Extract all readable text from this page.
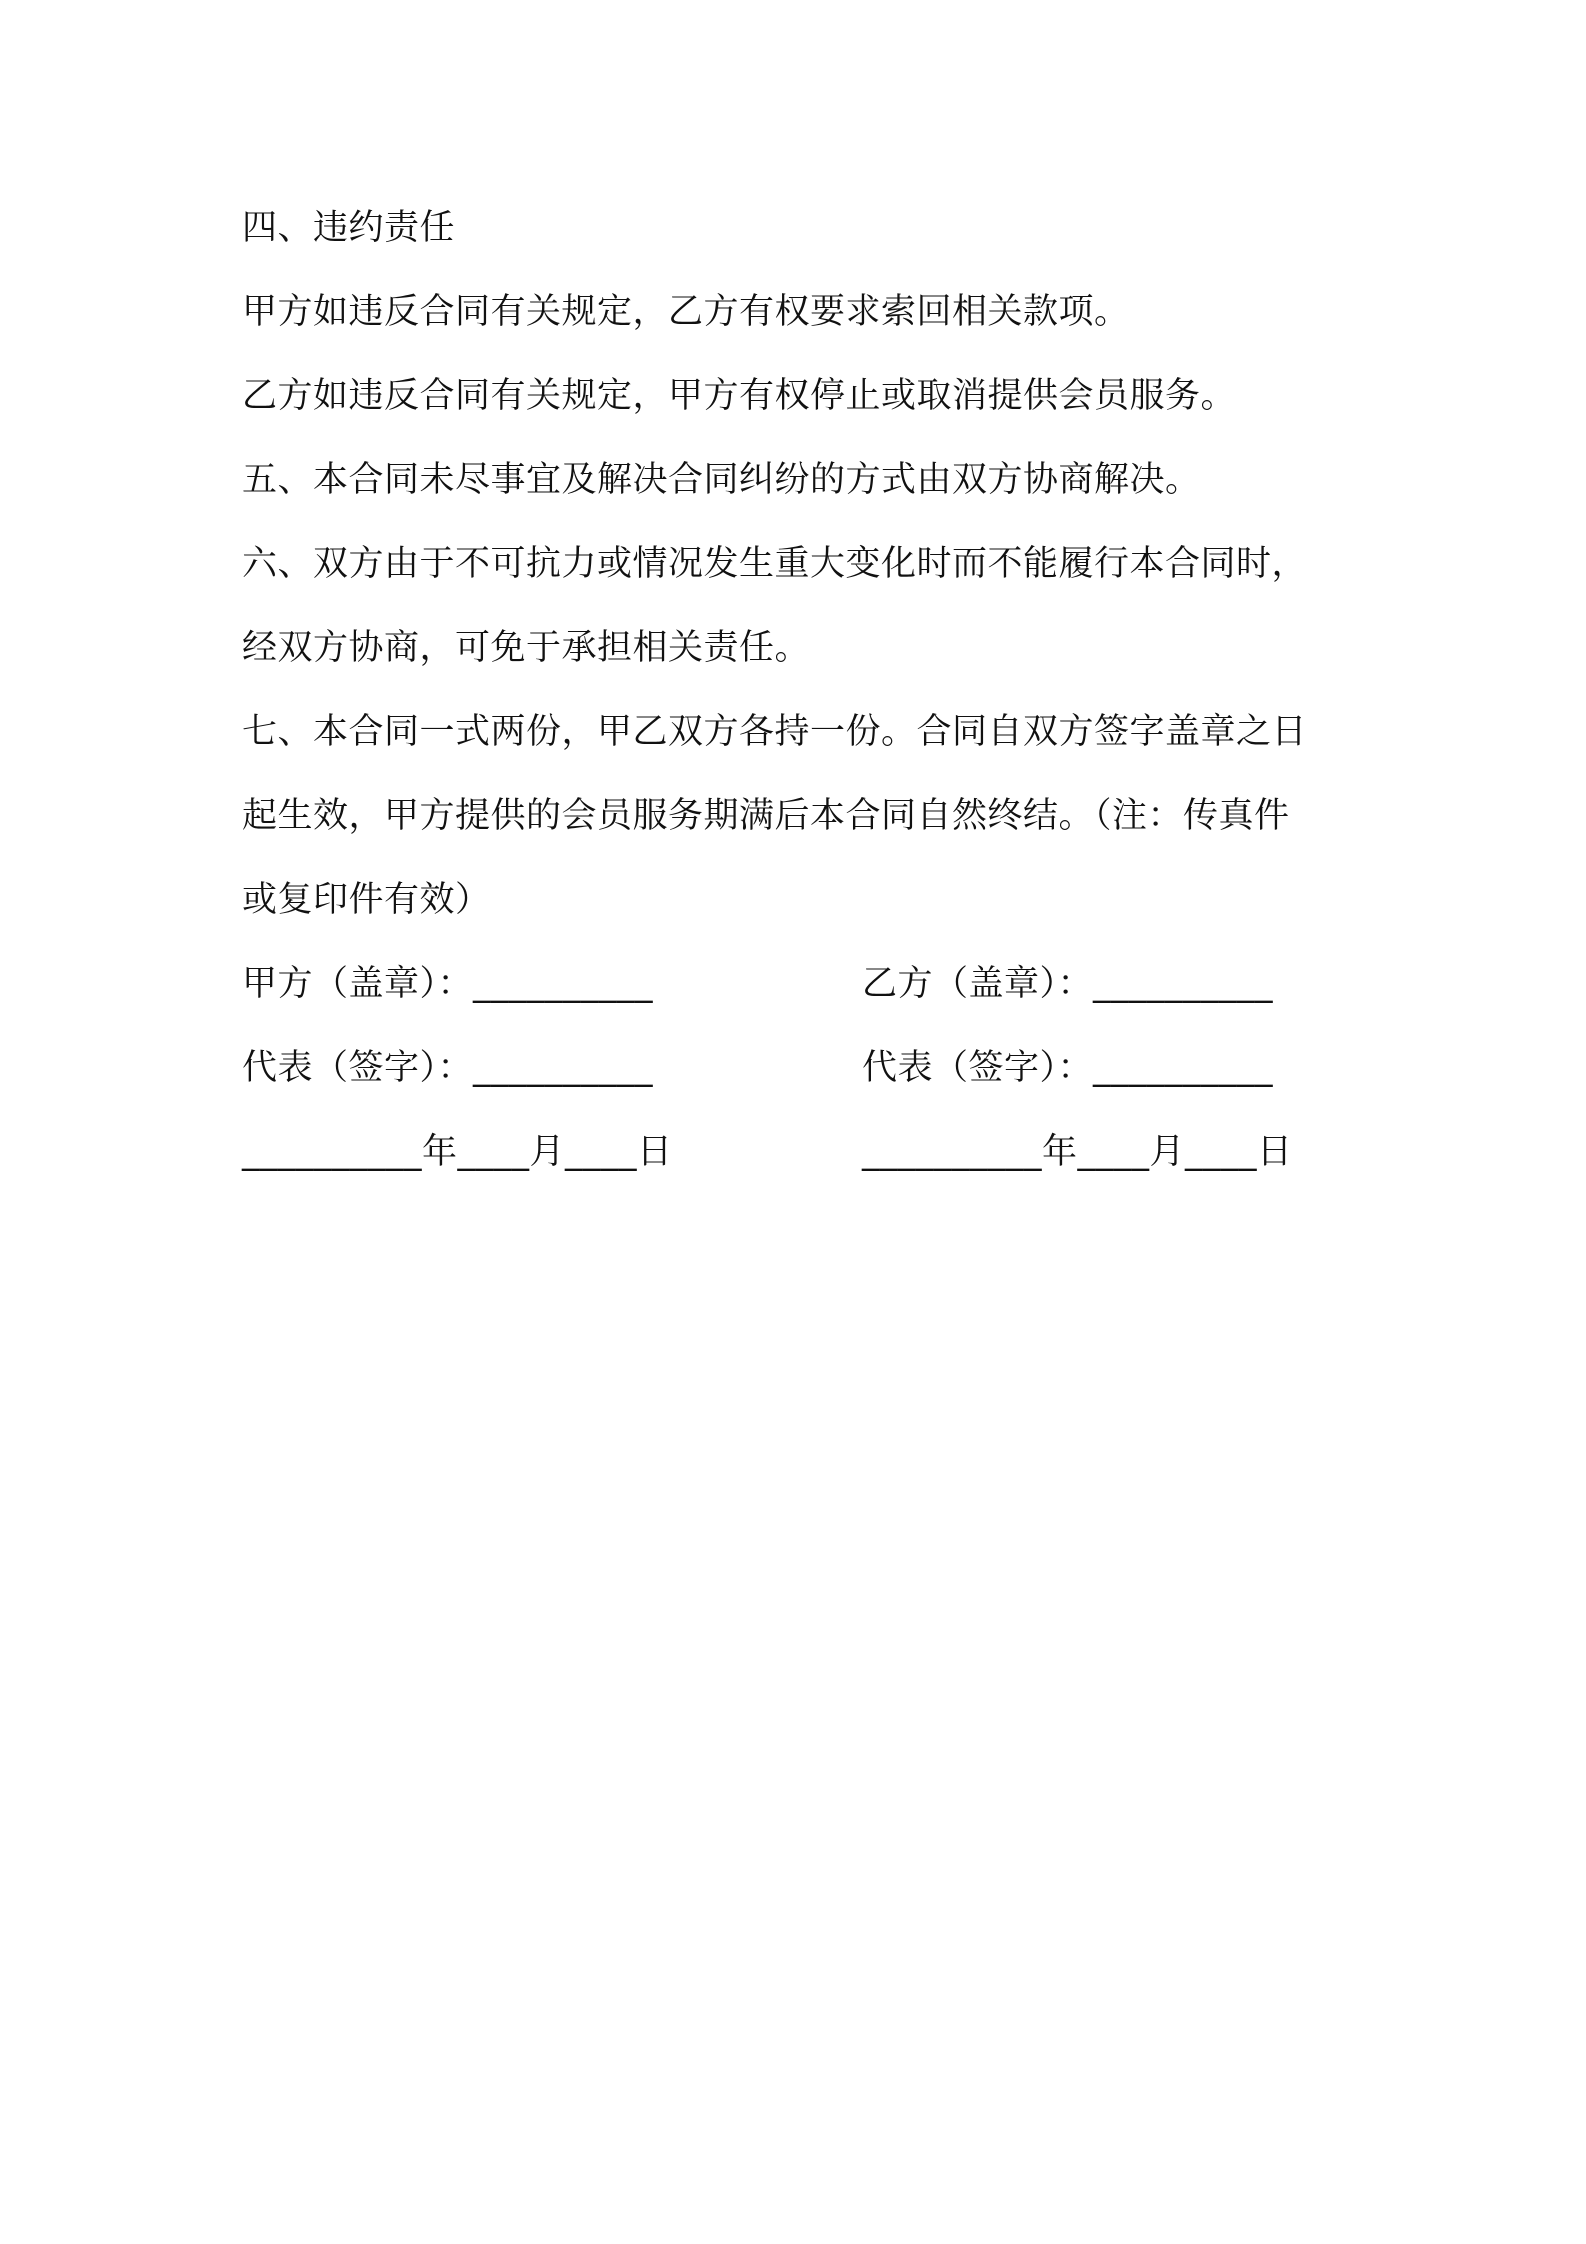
四、违约责任
甲方如违反合同有关规定，乙方有权要求索回相关款项。
乙方如违反合同有关规定，甲方有权停止或取消提供会员服务。
五、本合同未尽事宜及解决合同纠纷的方式由双方协商解决。
六、双方由于不可抗力或情况发生重大变化时而不能履行本合同时，
经双方协商，可免于承担相关责任。
七、本合同一式两份，甲乙双方各持一份。合同自双方签字盖章之日
起生效，甲方提供的会员服务期满后本合同自然终结。（注：传真件
或复印件有效）
甲方（盖章）：__________	乙方（盖章）：__________
代表（签字）：__________	代表（签字）：__________
__________年____月____日	__________年____月____日
